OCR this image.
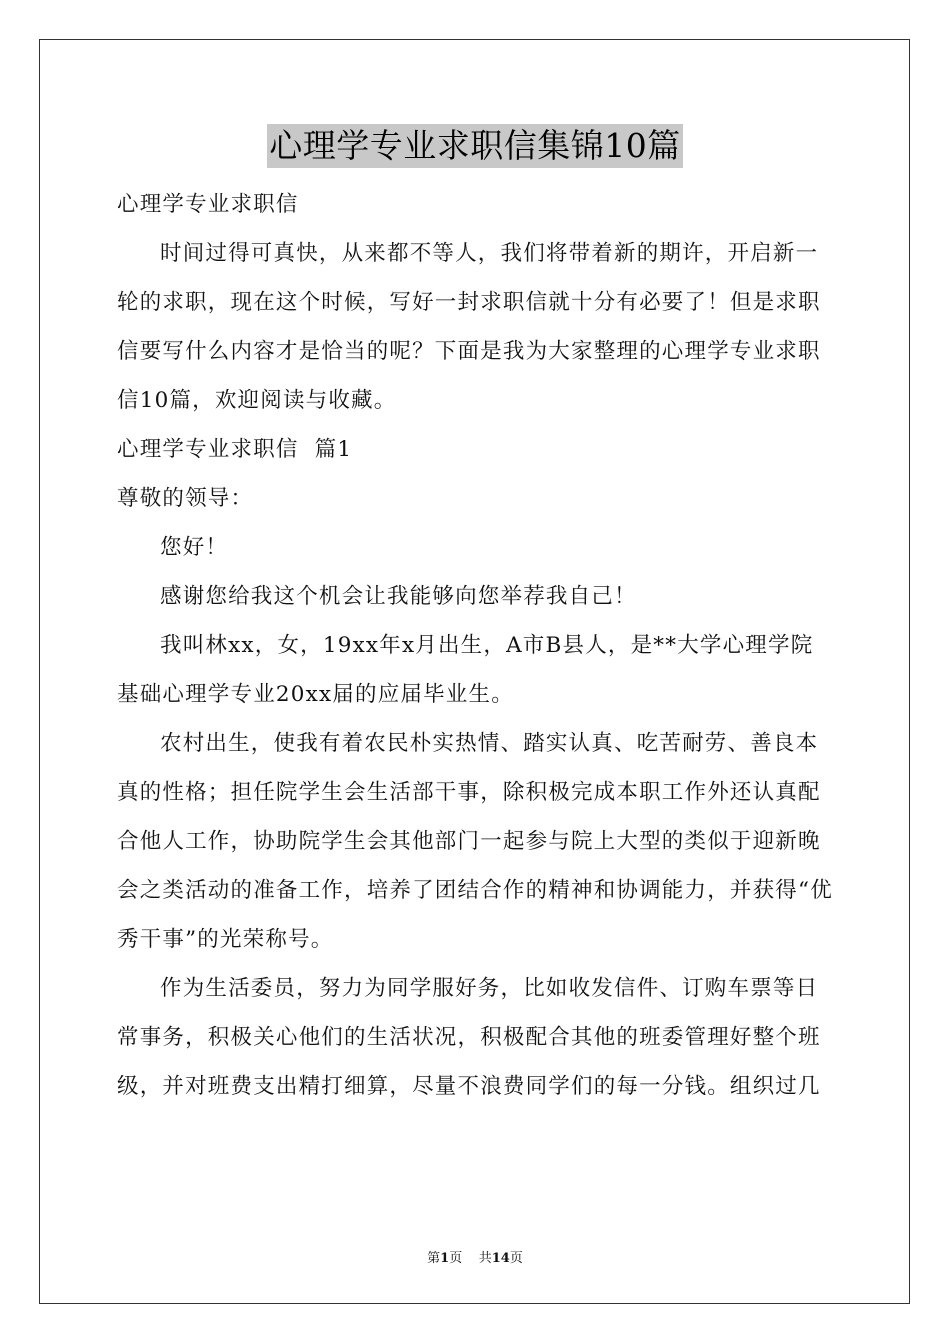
心理学专业求职信集锦10篇

心理学专业求职信

时间过得可真快，从来都不等人，我们将带着新的期许，开启新一轮的求职，现在这个时候，写好一封求职信就十分有必要了！但是求职信要写什么内容才是恰当的呢？下面是我为大家整理的心理学专业求职信10篇，欢迎阅读与收藏。

心理学专业求职信  篇1

尊敬的领导：

您好！

感谢您给我这个机会让我能够向您举荐我自己！

我叫林xx，女，19xx年x月出生，A市B县人，是**大学心理学院基础心理学专业20xx届的应届毕业生。

农村出生，使我有着农民朴实热情、踏实认真、吃苦耐劳、善良本真的性格；担任院学生会生活部干事，除积极完成本职工作外还认真配合他人工作，协助院学生会其他部门一起参与院上大型的类似于迎新晚会之类活动的准备工作，培养了团结合作的精神和协调能力，并获得“优秀干事”的光荣称号。

作为生活委员，努力为同学服好务，比如收发信件、订购车票等日常事务，积极关心他们的生活状况，积极配合其他的班委管理好整个班级，并对班费支出精打细算，尽量不浪费同学们的每一分钱。组织过几

第1页 共14页
